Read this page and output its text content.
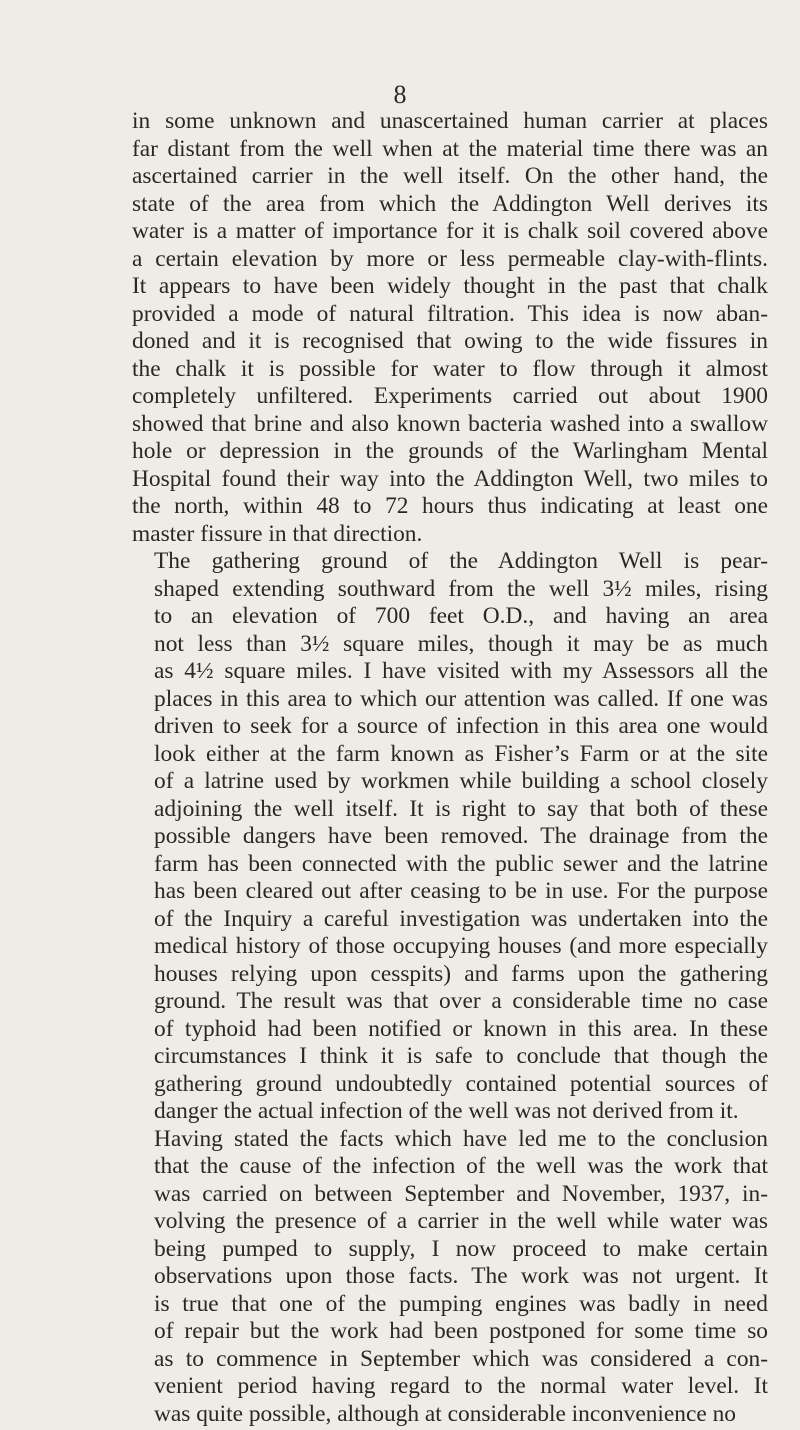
8

in some unknown and unascertained human carrier at places
far distant from the well when at the material time there was an
ascertained carrier in the well itself. On the other hand, the
state of the area from which the Addington Well derives its
water is a matter of importance for it is chalk soil covered above
a certain elevation by more or less permeable clay-with-flints.
It appears to have been widely thought in the past that chalk
provided a mode of natural filtration. This idea is now aban-
doned and it is recognised that owing to the wide fissures in
the chalk it is possible for water to flow through it almost
completely unfiltered. Experiments carried out about 1900
showed that brine and also known bacteria washed into a swallow
hole or depression in the grounds of the Warlingham Mental
Hospital found their way into the Addington Well, two miles to
the north, within 48 to 72 hours thus indicating at least one
master fissure in that direction.

The gathering ground of the Addington Well is pear-
shaped extending southward from the well 3½ miles, rising
to an elevation of 700 feet O.D., and having an area
not less than 3½ square miles, though it may be as much
as 4½ square miles. I have visited with my Assessors all the
places in this area to which our attention was called. If one was
driven to seek for a source of infection in this area one would
look either at the farm known as Fisher’s Farm or at the site
of a latrine used by workmen while building a school closely
adjoining the well itself. It is right to say that both of these
possible dangers have been removed. The drainage from the
farm has been connected with the public sewer and the latrine
has been cleared out after ceasing to be in use. For the purpose
of the Inquiry a careful investigation was undertaken into the
medical history of those occupying houses (and more especially
houses relying upon cesspits) and farms upon the gathering
ground. The result was that over a considerable time no case
of typhoid had been notified or known in this area. In these
circumstances I think it is safe to conclude that though the
gathering ground undoubtedly contained potential sources of
danger the actual infection of the well was not derived from it.

Having stated the facts which have led me to the conclusion
that the cause of the infection of the well was the work that
was carried on between September and November, 1937, in-
volving the presence of a carrier in the well while water was
being pumped to supply, I now proceed to make certain
observations upon those facts. The work was not urgent. It
is true that one of the pumping engines was badly in need
of repair but the work had been postponed for some time so
as to commence in September which was considered a con-
venient period having regard to the normal water level. It
was quite possible, although at considerable inconvenience no
